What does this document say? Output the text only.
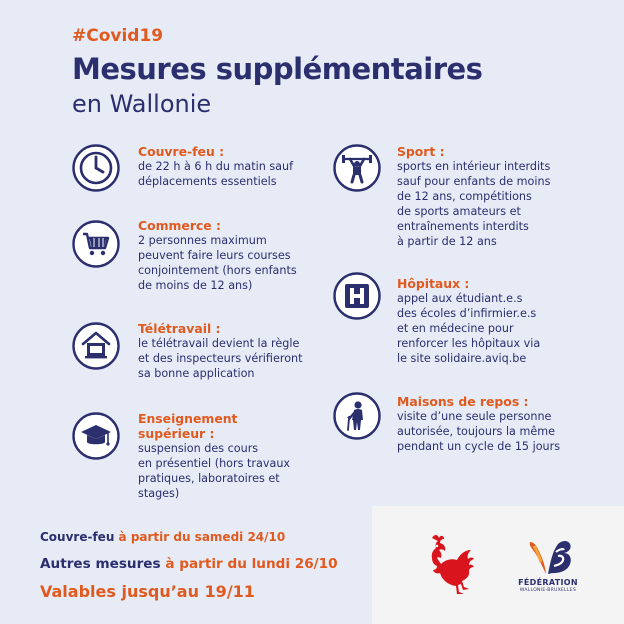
#Covid19
Mesures supplémentaires
en Wallonie
Couvre-feu :
de 22 h à 6 h du matin sauf
déplacements essentiels
Commerce :
2 personnes maximum
peuvent faire leurs courses
conjointement (hors enfants
de moins de 12 ans)
Télétravail :
le télétravail devient la règle
et des inspecteurs vérifieront
sa bonne application
Enseignement
supérieur :
suspension des cours
en présentiel (hors travaux
pratiques, laboratoires et
stages)
Sport :
sports en intérieur interdits
sauf pour enfants de moins
de 12 ans, compétitions
de sports amateurs et
entraînements interdits
à partir de 12 ans
Hôpitaux :
appel aux étudiant.e.s
des écoles d’infirmier.e.s
et en médecine pour
renforcer les hôpitaux via
le site solidaire.aviq.be
Maisons de repos :
visite d’une seule personne
autorisée, toujours la même
pendant un cycle de 15 jours
Couvre-feu à partir du samedi 24/10
Autres mesures à partir du lundi 26/10
Valables jusqu’au 19/11	FÉDÉRATION
WALLONIE-BRUXELLES
